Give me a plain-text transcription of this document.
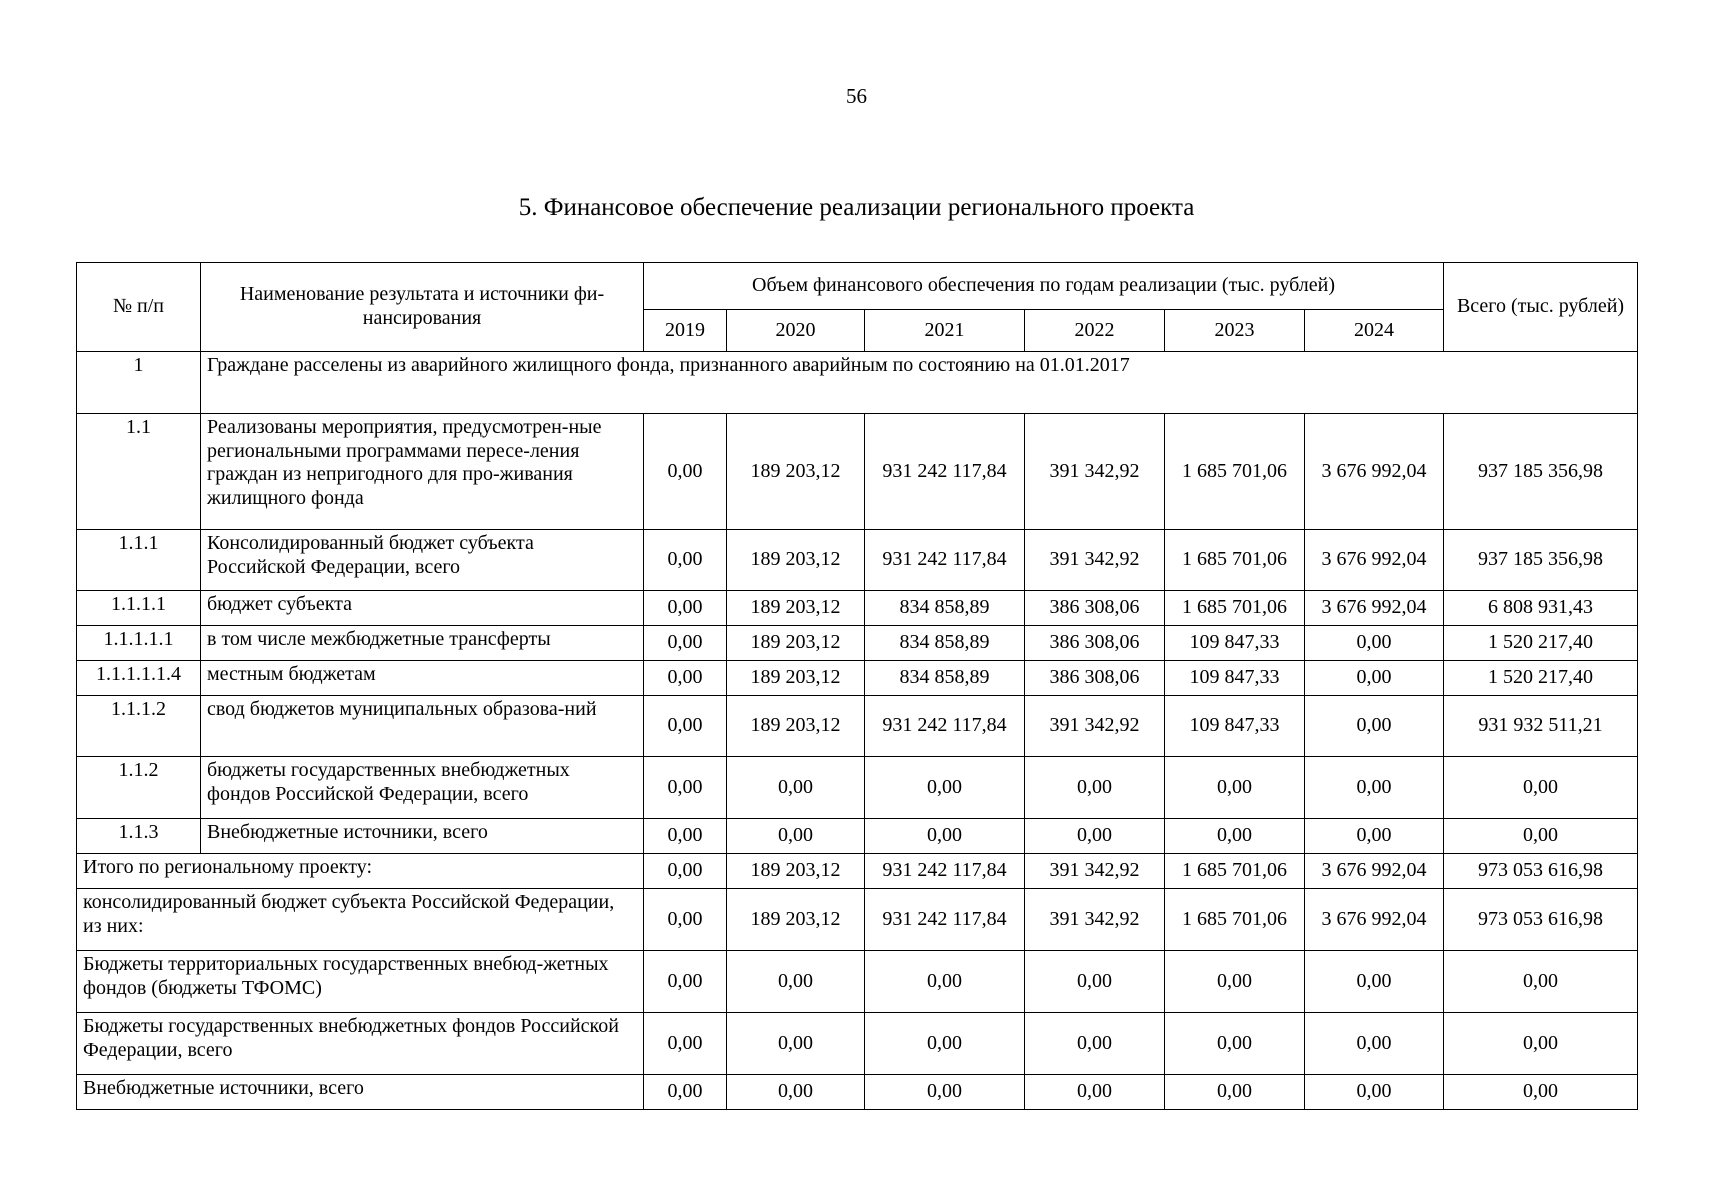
56
5. Финансовое обеспечение реализации регионального проекта
№ п/п	Наименование результата и источники фи-нансирования	Объем финансового обеспечения по годам реализации (тыс. рублей)						Всего (тыс. рублей)
		2019	2020	2021	2022	2023	2024	
1	Граждане расселены из аварийного жилищного фонда, признанного аварийным по состоянию на 01.01.2017							
1.1	Реализованы мероприятия, предусмотрен-ные региональными программами пересе-ления граждан из непригодного для про-живания жилищного фонда	0,00	189 203,12	931 242 117,84	391 342,92	1 685 701,06	3 676 992,04	937 185 356,98
1.1.1	Консолидированный бюджет субъекта Российской Федерации, всего	0,00	189 203,12	931 242 117,84	391 342,92	1 685 701,06	3 676 992,04	937 185 356,98
1.1.1.1	бюджет субъекта	0,00	189 203,12	834 858,89	386 308,06	1 685 701,06	3 676 992,04	6 808 931,43
1.1.1.1.1	в том числе межбюджетные трансферты	0,00	189 203,12	834 858,89	386 308,06	109 847,33	0,00	1 520 217,40
1.1.1.1.1.4	местным бюджетам	0,00	189 203,12	834 858,89	386 308,06	109 847,33	0,00	1 520 217,40
1.1.1.2	свод бюджетов муниципальных образова-ний	0,00	189 203,12	931 242 117,84	391 342,92	109 847,33	0,00	931 932 511,21
1.1.2	бюджеты государственных внебюджетных фондов Российской Федерации, всего	0,00	0,00	0,00	0,00	0,00	0,00	0,00
1.1.3	Внебюджетные источники, всего	0,00	0,00	0,00	0,00	0,00	0,00	0,00
Итого по региональному проекту:		0,00	189 203,12	931 242 117,84	391 342,92	1 685 701,06	3 676 992,04	973 053 616,98
консолидированный бюджет субъекта Российской Федерации, из них:		0,00	189 203,12	931 242 117,84	391 342,92	1 685 701,06	3 676 992,04	973 053 616,98
Бюджеты территориальных государственных внебюд-жетных фондов (бюджеты ТФОМС)		0,00	0,00	0,00	0,00	0,00	0,00	0,00
Бюджеты государственных внебюджетных фондов Российской Федерации, всего		0,00	0,00	0,00	0,00	0,00	0,00	0,00
Внебюджетные источники, всего		0,00	0,00	0,00	0,00	0,00	0,00	0,00
